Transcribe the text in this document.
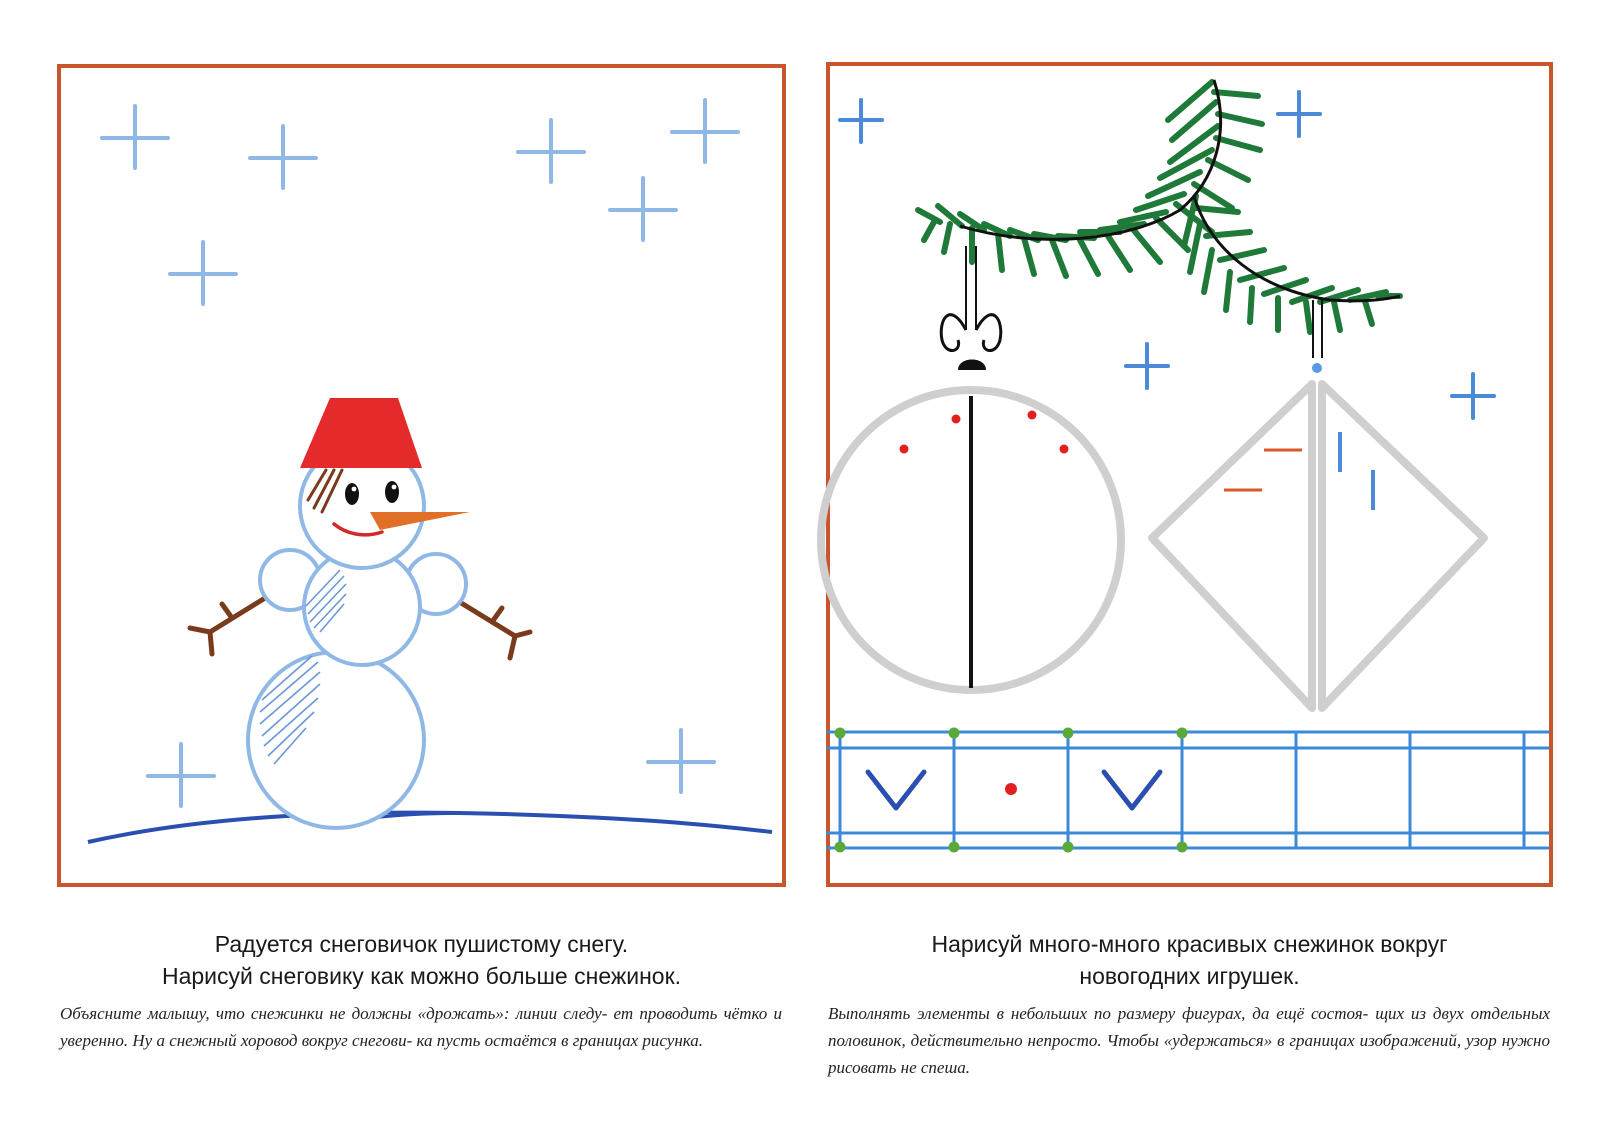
Радуется снеговичок пушистому снегу.
Нарисуй снеговику как можно больше снежинок.
Нарисуй много-много красивых снежинок вокруг
новогодних игрушек.
Объясните малышу, что снежинки не должны «дрожать»: линии следу- ет проводить чётко и уверенно. Ну а снежный хоровод вокруг снегови- ка пусть остаётся в границах рисунка.
Выполнять элементы в небольших по размеру фигурах, да ещё состоя- щих из двух отдельных половинок, действительно непросто. Чтобы «удержаться» в границах изображений, узор нужно рисовать не спеша.
